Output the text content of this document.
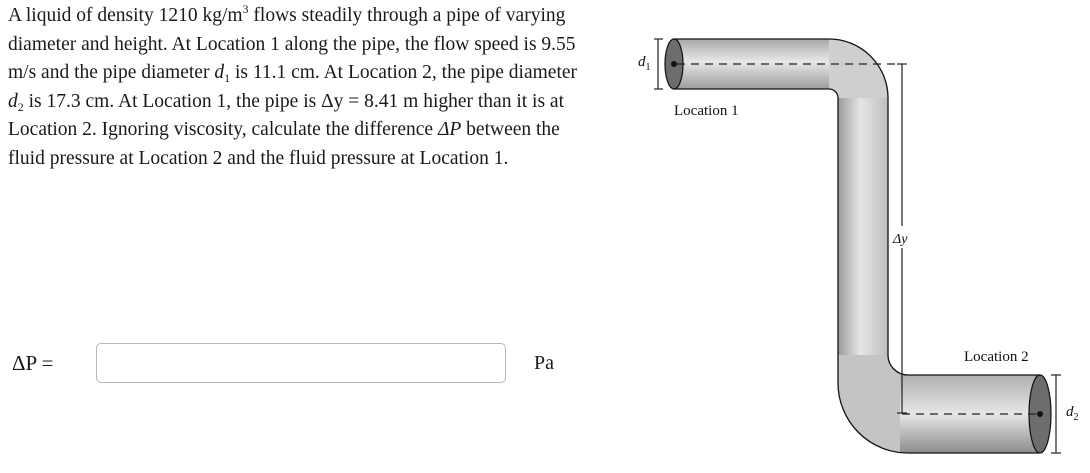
A liquid of density 1210 $kg/m^3$ flows steadily through a pipe of varying diameter and height. At Location 1 along the pipe, the flow speed is 9.55 m/s and the pipe diameter $d_1$ is 11.1 cm. At Location 2, the pipe diameter $d_2$ is 17.3 cm. At Location 1, the pipe is Δy = 8.41 m higher than it is at Location 2. Ignoring viscosity, calculate the difference ΔP between the fluid pressure at Location 2 and the fluid pressure at Location 1.

ΔP =	Pa
Δy
$d_1$
$d_2$
Location 1
Location 2
